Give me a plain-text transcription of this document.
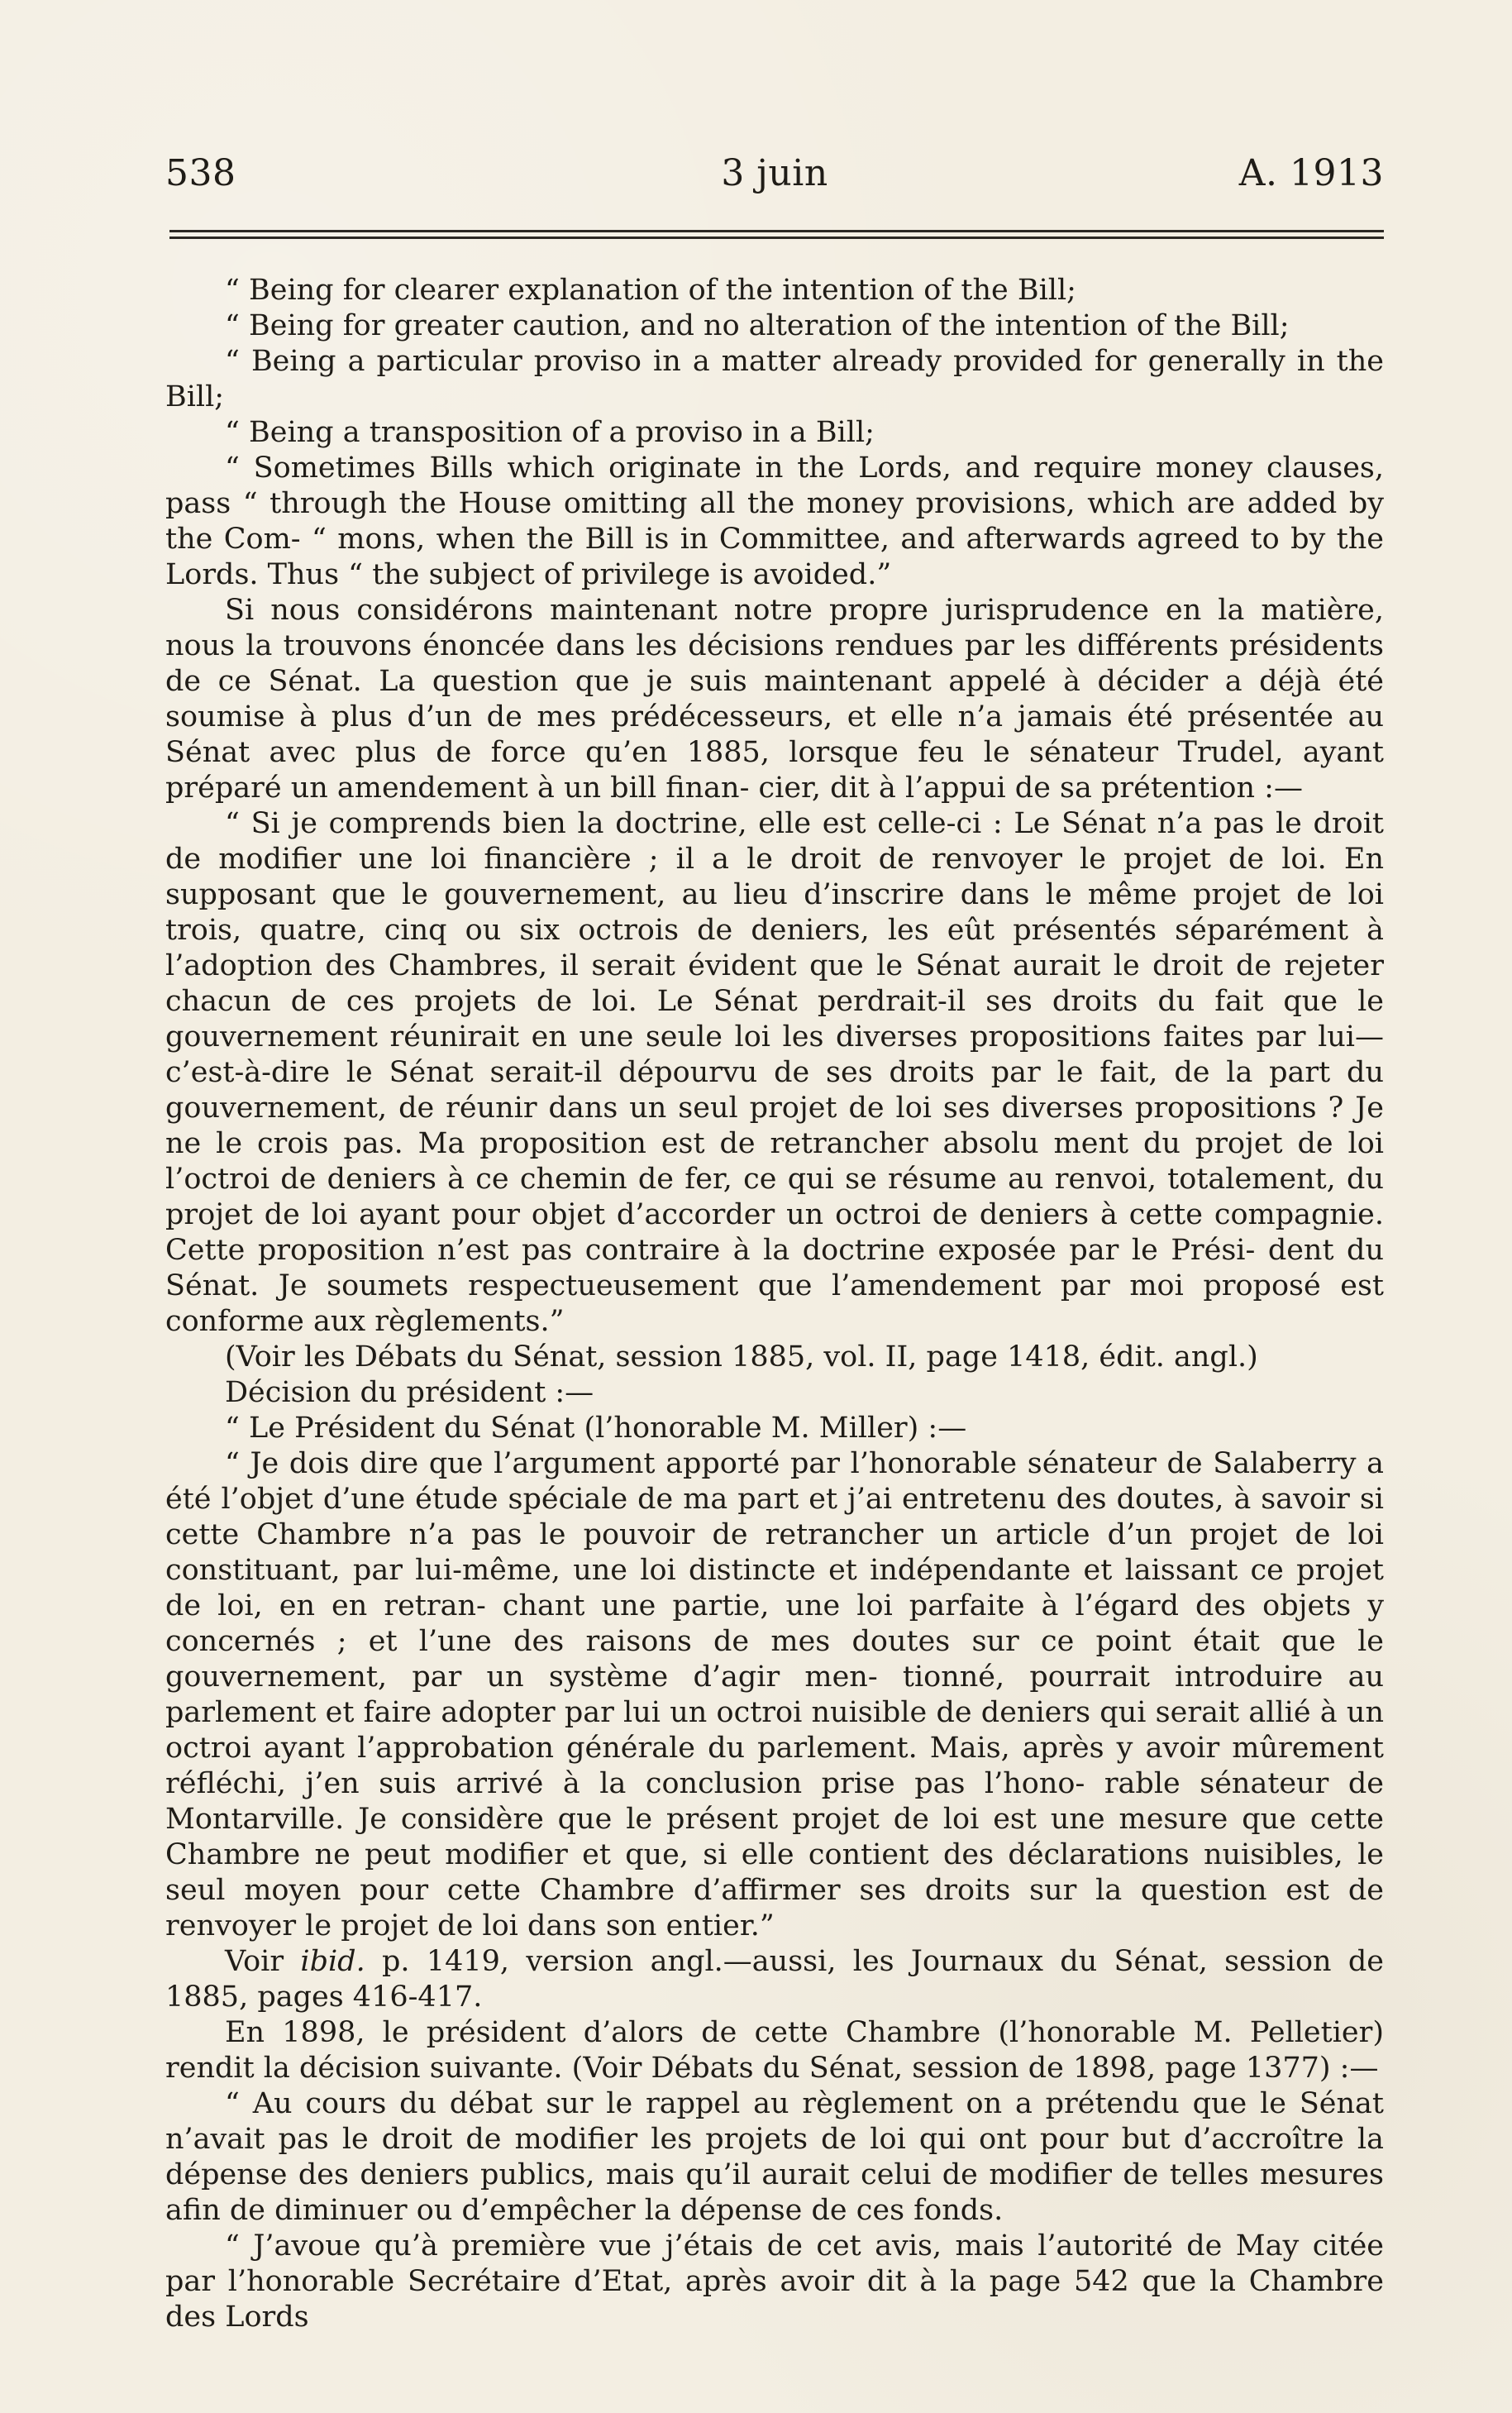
538	3 juin	A. 1913

“ Being for clearer explanation of the intention of the Bill;

“ Being for greater caution, and no alteration of the intention of the Bill;

“ Being a particular proviso in a matter already provided for generally in the Bill;

“ Being a transposition of a proviso in a Bill;

“ Sometimes Bills which originate in the Lords, and require money clauses, pass “ through the House omitting all the money provisions, which are added by the Com- “ mons, when the Bill is in Committee, and afterwards agreed to by the Lords. Thus “ the subject of privilege is avoided.”

Si nous considérons maintenant notre propre jurisprudence en la matière, nous la trouvons énoncée dans les décisions rendues par les différents présidents de ce Sénat. La question que je suis maintenant appelé à décider a déjà été soumise à plus d’un de mes prédécesseurs, et elle n’a jamais été présentée au Sénat avec plus de force qu’en 1885, lorsque feu le sénateur Trudel, ayant préparé un amendement à un bill finan- cier, dit à l’appui de sa prétention :—

“ Si je comprends bien la doctrine, elle est celle-ci : Le Sénat n’a pas le droit de modifier une loi financière ; il a le droit de renvoyer le projet de loi. En supposant que le gouvernement, au lieu d’inscrire dans le même projet de loi trois, quatre, cinq ou six octrois de deniers, les eût présentés séparément à l’adoption des Chambres, il serait évident que le Sénat aurait le droit de rejeter chacun de ces projets de loi. Le Sénat perdrait-il ses droits du fait que le gouvernement réunirait en une seule loi les diverses propositions faites par lui—c’est-à-dire le Sénat serait-il dépourvu de ses droits par le fait, de la part du gouvernement, de réunir dans un seul projet de loi ses diverses propositions ? Je ne le crois pas. Ma proposition est de retrancher absolu ment du projet de loi l’octroi de deniers à ce chemin de fer, ce qui se résume au renvoi, totalement, du projet de loi ayant pour objet d’accorder un octroi de deniers à cette compagnie. Cette proposition n’est pas contraire à la doctrine exposée par le Prési- dent du Sénat. Je soumets respectueusement que l’amendement par moi proposé est conforme aux règlements.”

(Voir les Débats du Sénat, session 1885, vol. II, page 1418, édit. angl.)

Décision du président :—

“ Le Président du Sénat (l’honorable M. Miller) :—

“ Je dois dire que l’argument apporté par l’honorable sénateur de Salaberry a été l’objet d’une étude spéciale de ma part et j’ai entretenu des doutes, à savoir si cette Chambre n’a pas le pouvoir de retrancher un article d’un projet de loi constituant, par lui-même, une loi distincte et indépendante et laissant ce projet de loi, en en retran- chant une partie, une loi parfaite à l’égard des objets y concernés ; et l’une des raisons de mes doutes sur ce point était que le gouvernement, par un système d’agir men- tionné, pourrait introduire au parlement et faire adopter par lui un octroi nuisible de deniers qui serait allié à un octroi ayant l’approbation générale du parlement. Mais, après y avoir mûrement réfléchi, j’en suis arrivé à la conclusion prise pas l’hono- rable sénateur de Montarville. Je considère que le présent projet de loi est une mesure que cette Chambre ne peut modifier et que, si elle contient des déclarations nuisibles, le seul moyen pour cette Chambre d’affirmer ses droits sur la question est de renvoyer le projet de loi dans son entier.”

Voir ibid. p. 1419, version angl.—aussi, les Journaux du Sénat, session de 1885, pages 416-417.

En 1898, le président d’alors de cette Chambre (l’honorable M. Pelletier) rendit la décision suivante. (Voir Débats du Sénat, session de 1898, page 1377) :—

“ Au cours du débat sur le rappel au règlement on a prétendu que le Sénat n’avait pas le droit de modifier les projets de loi qui ont pour but d’accroître la dépense des deniers publics, mais qu’il aurait celui de modifier de telles mesures afin de diminuer ou d’empêcher la dépense de ces fonds.

“ J’avoue qu’à première vue j’étais de cet avis, mais l’autorité de May citée par l’honorable Secrétaire d’Etat, après avoir dit à la page 542 que la Chambre des Lords
